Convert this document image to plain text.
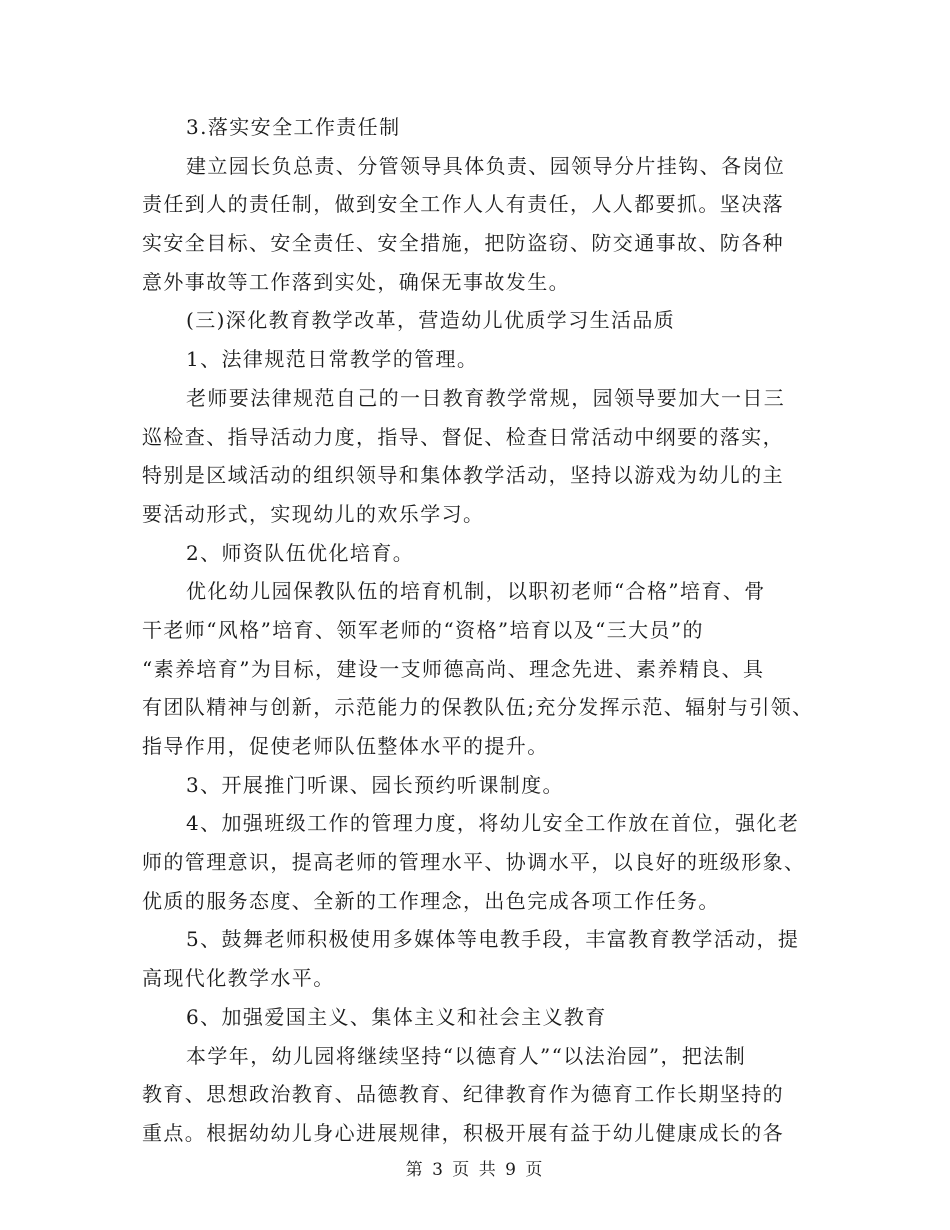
3.落实安全工作责任制
建立园长负总责、分管领导具体负责、园领导分片挂钩、各岗位
责任到人的责任制，做到安全工作人人有责任，人人都要抓。坚决落
实安全目标、安全责任、安全措施，把防盗窃、防交通事故、防各种
意外事故等工作落到实处，确保无事故发生。
(三)深化教育教学改革，营造幼儿优质学习生活品质
1、法律规范日常教学的管理。
老师要法律规范自己的一日教育教学常规，园领导要加大一日三
巡检查、指导活动力度，指导、督促、检查日常活动中纲要的落实，
特别是区域活动的组织领导和集体教学活动，坚持以游戏为幼儿的主
要活动形式，实现幼儿的欢乐学习。
2、师资队伍优化培育。
优化幼儿园保教队伍的培育机制，以职初老师“合格”培育、骨
干老师“风格”培育、领军老师的“资格”培育以及“三大员”的
“素养培育”为目标，建设一支师德高尚、理念先进、素养精良、具
有团队精神与创新，示范能力的保教队伍;充分发挥示范、辐射与引领、
指导作用，促使老师队伍整体水平的提升。
3、开展推门听课、园长预约听课制度。
4、加强班级工作的管理力度，将幼儿安全工作放在首位，强化老
师的管理意识，提高老师的管理水平、协调水平，以良好的班级形象、
优质的服务态度、全新的工作理念，出色完成各项工作任务。
5、鼓舞老师积极使用多媒体等电教手段，丰富教育教学活动，提
高现代化教学水平。
6、加强爱国主义、集体主义和社会主义教育
本学年，幼儿园将继续坚持“以德育人”“以法治园”，把法制
教育、思想政治教育、品德教育、纪律教育作为德育工作长期坚持的
重点。根据幼幼儿身心进展规律，积极开展有益于幼儿健康成长的各
第 3 页 共 9 页
